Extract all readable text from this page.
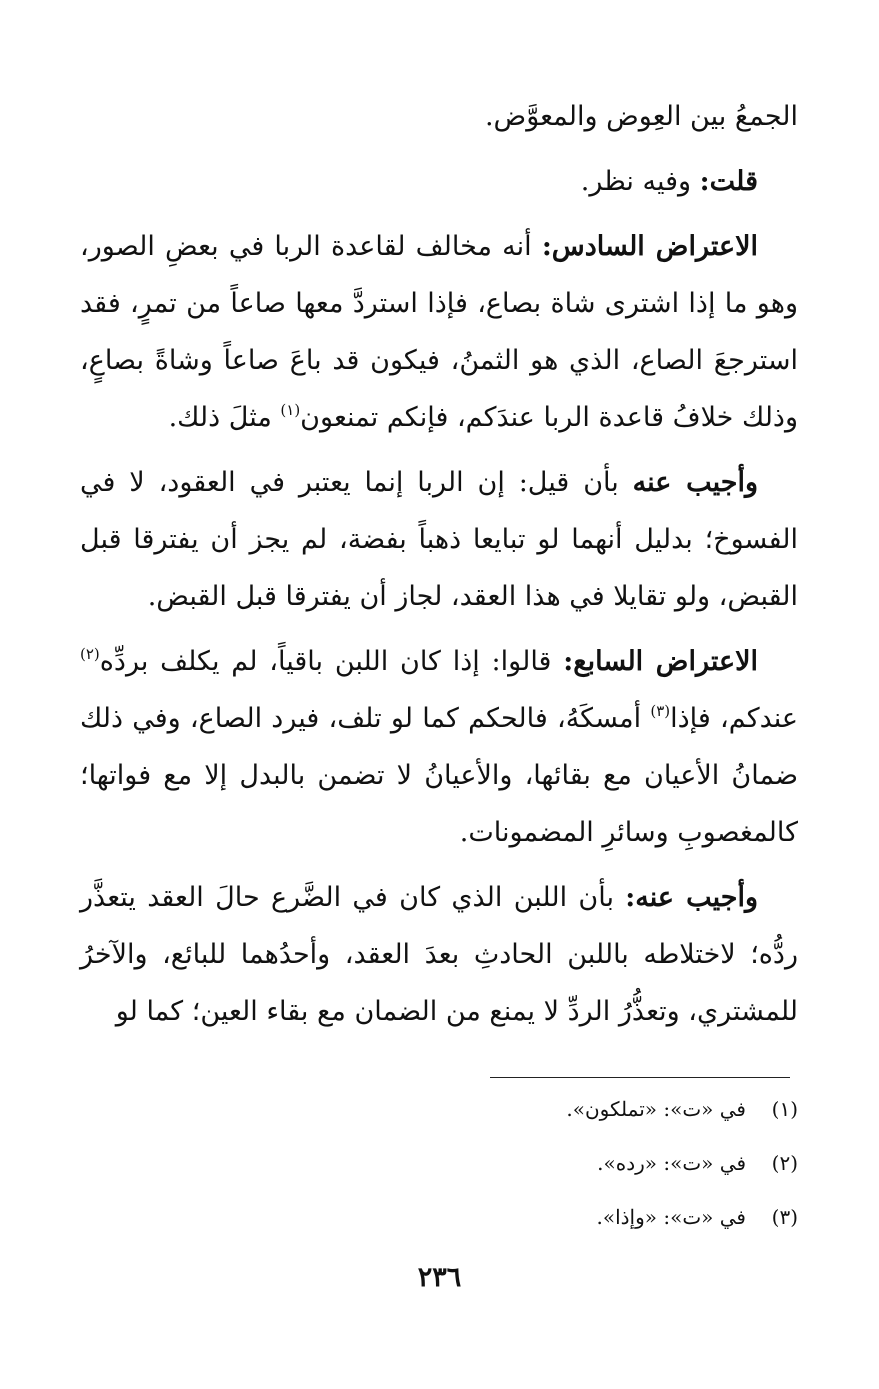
الجمعُ بين العِوض والمعوَّض.

قلت: وفيه نظر.

الاعتراض السادس: أنه مخالف لقاعدة الربا في بعضِ الصور، وهو ما إذا اشترى شاة بصاع، فإذا استردَّ معها صاعاً من تمرٍ، فقد استرجعَ الصاع، الذي هو الثمنُ، فيكون قد باعَ صاعاً وشاةً بصاعٍ، وذلك خلافُ قاعدة الربا عندَكم، فإنكم تمنعون$^{(١)}$ مثلَ ذلك.

وأجيب عنه بأن قيل: إن الربا إنما يعتبر في العقود، لا في الفسوخ؛ بدليل أنهما لو تبايعا ذهباً بفضة، لم يجز أن يفترقا قبل القبض، ولو تقايلا في هذا العقد، لجاز أن يفترقا قبل القبض.

الاعتراض السابع: قالوا: إذا كان اللبن باقياً، لم يكلف بردِّه$^{(٢)}$ عندكم، فإذا$^{(٣)}$ أمسكَهُ، فالحكم كما لو تلف، فيرد الصاع، وفي ذلك ضمانُ الأعيان مع بقائها، والأعيانُ لا تضمن بالبدل إلا مع فواتها؛ كالمغصوبِ وسائرِ المضمونات.

وأجيب عنه: بأن اللبن الذي كان في الضَّرع حالَ العقد يتعذَّر ردُّه؛ لاختلاطه باللبن الحادثِ بعدَ العقد، وأحدُهما للبائع، والآخرُ للمشتري، وتعذُّرُ الردِّ لا يمنع من الضمان مع بقاء العين؛ كما لو

(١)في «ت»: «تملكون».
(٢)في «ت»: «رده».
(٣)في «ت»: «وإذا».
٢٣٦
